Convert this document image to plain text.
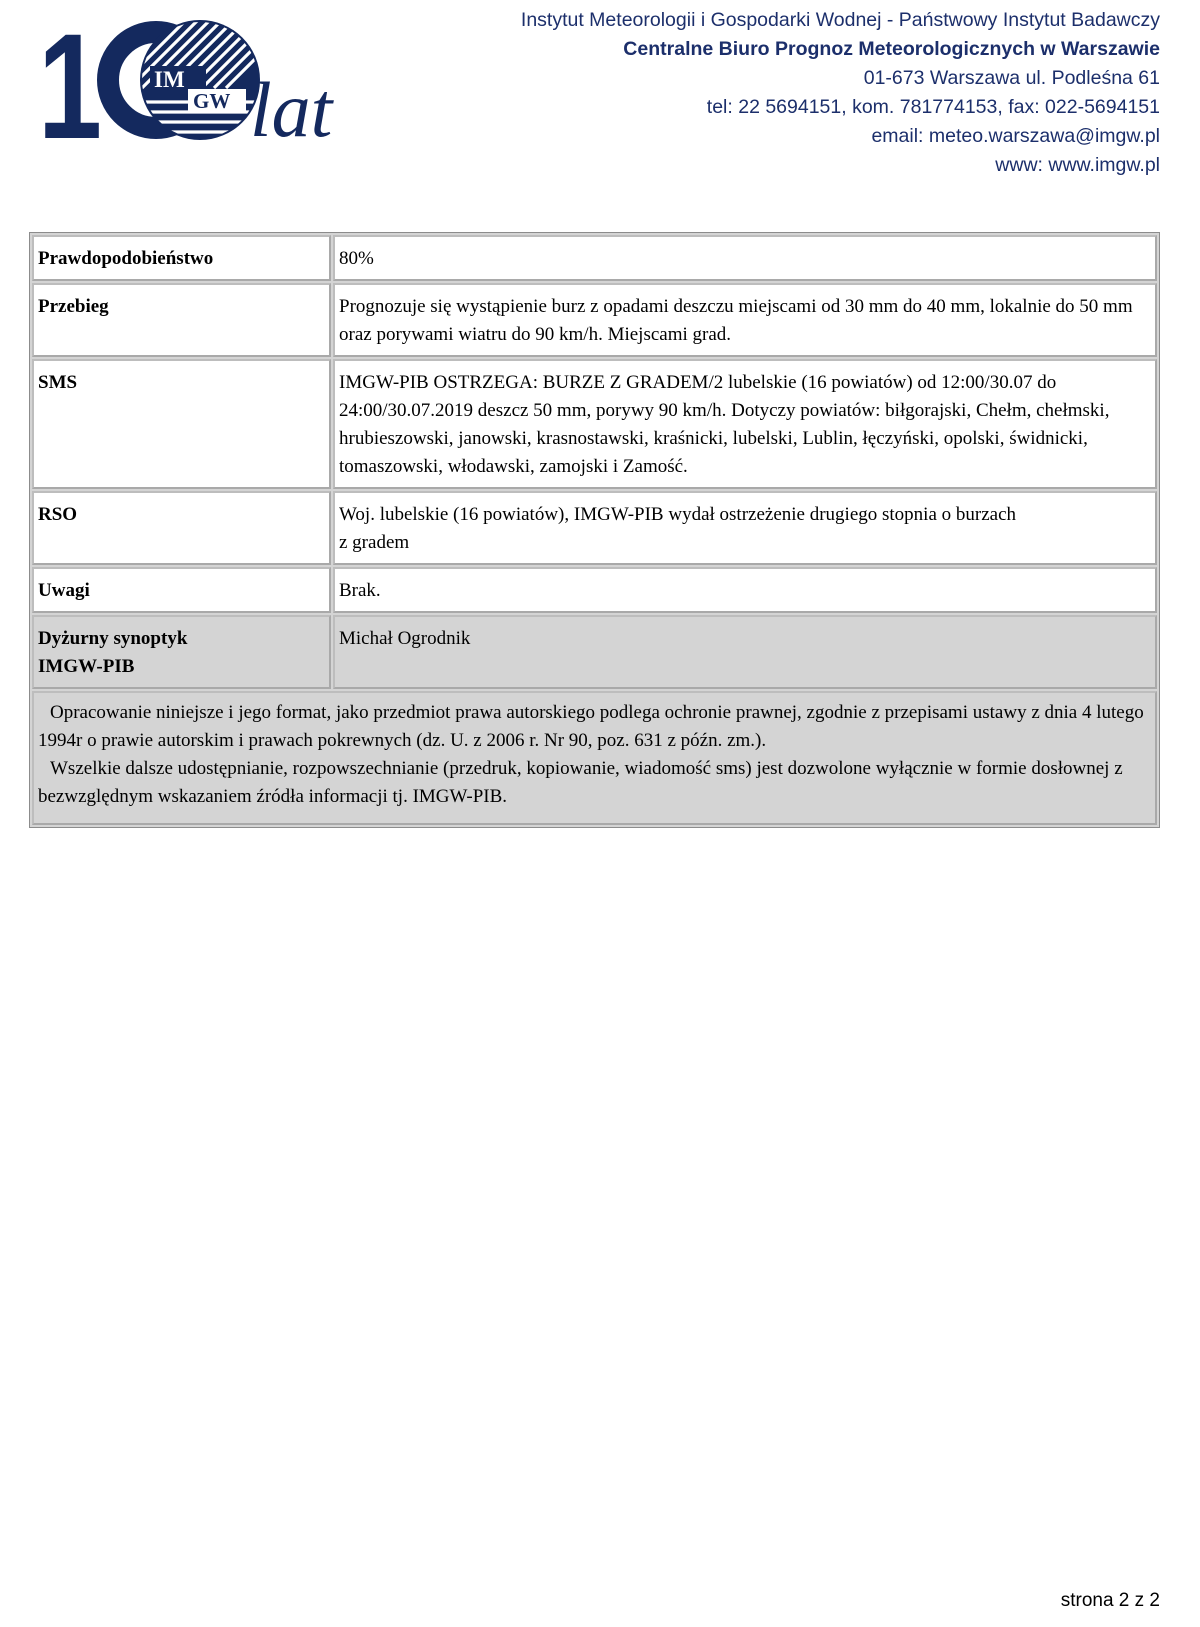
1 IM
GW lat
Instytut Meteorologii i Gospodarki Wodnej - Państwowy Instytut Badawczy
Centralne Biuro Prognoz Meteorologicznych w Warszawie
01-673 Warszawa ul. Podleśna 61
tel: 22 5694151, kom. 781774153, fax: 022-5694151
email: meteo.warszawa@imgw.pl
www: www.imgw.pl
Prawdopodobieństwo	80%
Przebieg	Prognozuje się wystąpienie burz z opadami deszczu miejscami od 30 mm do 40 mm, lokalnie do 50 mm oraz porywami wiatru do 90 km/h. Miejscami grad.
SMS	IMGW-PIB OSTRZEGA: BURZE Z GRADEM/2 lubelskie (16 powiatów) od 12:00/30.07 do 24:00/30.07.2019 deszcz 50 mm, porywy 90 km/h. Dotyczy powiatów: biłgorajski, Chełm, chełmski, hrubieszowski, janowski, krasnostawski, kraśnicki, lubelski, Lublin, łęczyński, opolski, świdnicki, tomaszowski, włodawski, zamojski i Zamość.
RSO	Woj. lubelskie (16 powiatów), IMGW-PIB wydał ostrzeżenie drugiego stopnia o burzach
z gradem

Uwagi	Brak.

Dyżurny synoptyk
IMGW-PIB	Michał Ogrodnik

Opracowanie niniejsze i jego format, jako przedmiot prawa autorskiego podlega ochronie prawnej, zgodnie z przepisami ustawy z dnia 4 lutego 1994r o prawie autorskim i prawach pokrewnych (dz. U. z 2006 r. Nr 90, poz. 631 z późn. zm.).

Wszelkie dalsze udostępnianie, rozpowszechnianie (przedruk, kopiowanie, wiadomość sms) jest dozwolone wyłącznie w formie dosłownej z bezwzględnym wskazaniem źródła informacji tj. IMGW-PIB.	

strona 2 z 2
